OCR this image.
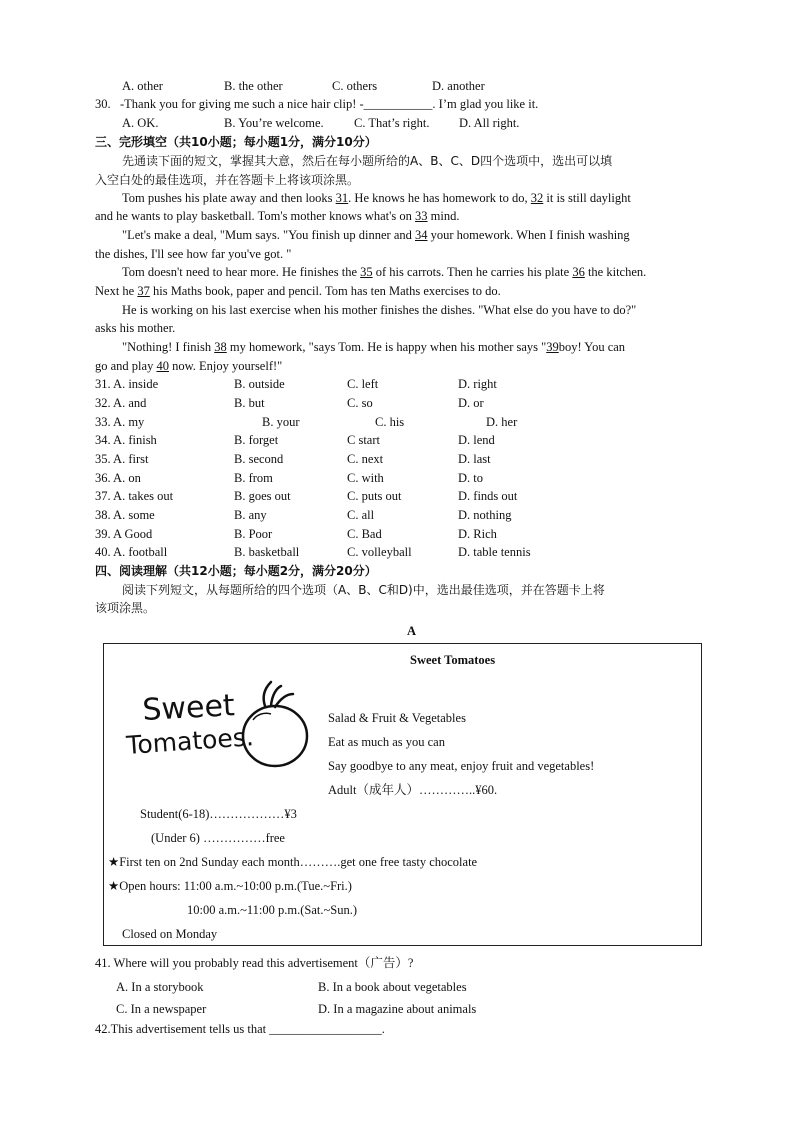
A. other	B. the other	C. others	D. another
30. -Thank you for giving me such a nice hair clip! -___________. I’m glad you like it.
A. OK.	B. You’re welcome. C. That’s right. D. All right.
三、完形填空（共10小题；每小题1分，满分10分）
先通读下面的短文，掌握其大意，然后在每小题所给的A、B、C、D四个选项中，选出可以填
入空白处的最佳选项，并在答题卡上将该项涂黑。
Tom pushes his plate away and then looks 31. He knows he has homework to do, 32 it is still daylight
and he wants to play basketball. Tom's mother knows what's on 33 mind.
"Let's make a deal, "Mum says. "You finish up dinner and 34 your homework. When I finish washing
the dishes, I'll see how far you've got. "
Tom doesn't need to hear more. He finishes the 35 of his carrots. Then he carries his plate 36 the kitchen.
Next he 37 his Maths book, paper and pencil. Tom has ten Maths exercises to do.
He is working on his last exercise when his mother finishes the dishes. "What else do you have to do?"
asks his mother.
"Nothing! I finish 38 my homework, "says Tom. He is happy when his mother says "39boy! You can
go and play 40 now. Enjoy yourself!"
31. A. inside	B. outside	C. left	D. right
32. A. and	B. but	C. so	D. or
33. A. my	B. your	C. his	D. her
34. A. finish	B. forget	C start	D. lend
35. A. first	B. second	C. next	D. last
36. A. on	B. from	C. with	D. to
37. A. takes out	B. goes out	C. puts out	D. finds out
38. A. some	B. any	C. all	D. nothing
39. A Good	B. Poor	C. Bad	D. Rich
40. A. football	B. basketball	C. volleyball	D. table tennis
四、阅读理解（共12小题；每小题2分，满分20分）
阅读下列短文，从每题所给的四个选项（A、B、C和D)中，选出最佳选项，并在答题卡上将
该项涂黑。
A
Sweet Tomatoes
Sweet
Tomatoes.
Salad & Fruit & Vegetables
Eat as much as you can
Say goodbye to any meat, enjoy fruit and vegetables!
Adult（成年人）…………..¥60.
Student(6-18)………………¥3
(Under 6) ……………free
★First ten on 2nd Sunday each month……….get one free tasty chocolate
★Open hours: 11:00 a.m.~10:00 p.m.(Tue.~Fri.)
10:00 a.m.~11:00 p.m.(Sat.~Sun.)
Closed on Monday
41. Where will you probably read this advertisement（广告）?
A. In a storybook	B. In a book about vegetables
C. In a newspaper	D. In a magazine about animals
42.This advertisement tells us that __________________.
